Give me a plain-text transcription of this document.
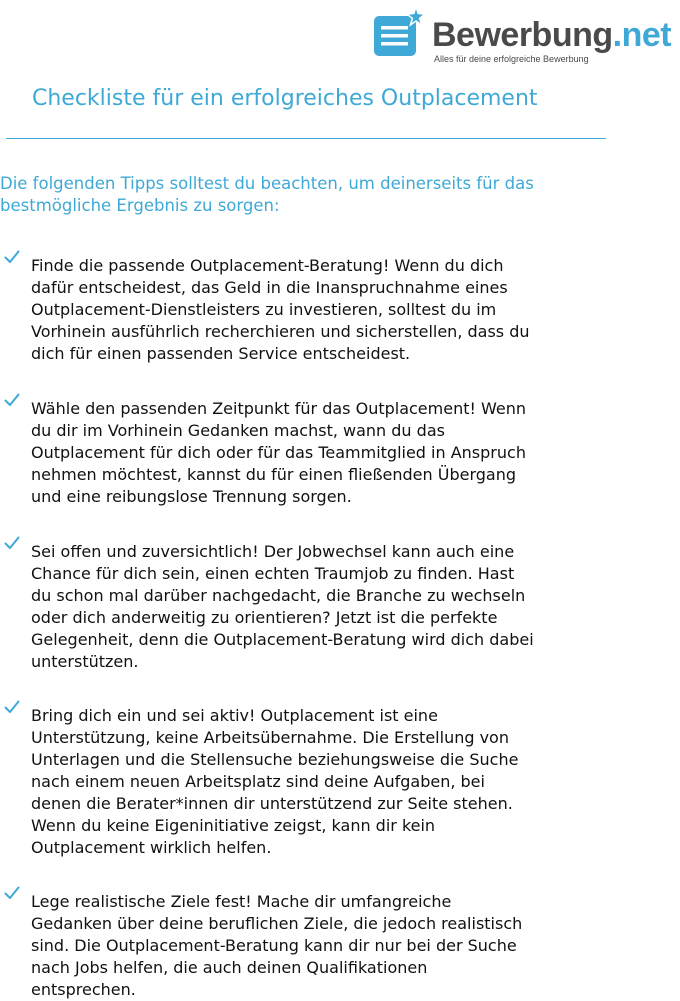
Bewerbung.net
Alles für deine erfolgreiche Bewerbung
Checkliste für ein erfolgreiches Outplacement

Die folgenden Tipps solltest du beachten, um deinerseits für das bestmögliche Ergebnis zu sorgen:

Finde die passende Outplacement-Beratung! Wenn du dich
dafür entscheidest, das Geld in die Inanspruchnahme eines
Outplacement-Dienstleisters zu investieren, solltest du im
Vorhinein ausführlich recherchieren und sicherstellen, dass du
dich für einen passenden Service entscheidest.

Wähle den passenden Zeitpunkt für das Outplacement! Wenn
du dir im Vorhinein Gedanken machst, wann du das
Outplacement für dich oder für das Teammitglied in Anspruch
nehmen möchtest, kannst du für einen fließenden Übergang
und eine reibungslose Trennung sorgen.

Sei offen und zuversichtlich! Der Jobwechsel kann auch eine
Chance für dich sein, einen echten Traumjob zu finden. Hast
du schon mal darüber nachgedacht, die Branche zu wechseln
oder dich anderweitig zu orientieren? Jetzt ist die perfekte
Gelegenheit, denn die Outplacement-Beratung wird dich dabei
unterstützen.

Bring dich ein und sei aktiv! Outplacement ist eine
Unterstützung, keine Arbeitsübernahme. Die Erstellung von
Unterlagen und die Stellensuche beziehungsweise die Suche
nach einem neuen Arbeitsplatz sind deine Aufgaben, bei
denen die Berater*innen dir unterstützend zur Seite stehen.
Wenn du keine Eigeninitiative zeigst, kann dir kein
Outplacement wirklich helfen.

Lege realistische Ziele fest! Mache dir umfangreiche
Gedanken über deine beruflichen Ziele, die jedoch realistisch
sind. Die Outplacement-Beratung kann dir nur bei der Suche
nach Jobs helfen, die auch deinen Qualifikationen
entsprechen.
